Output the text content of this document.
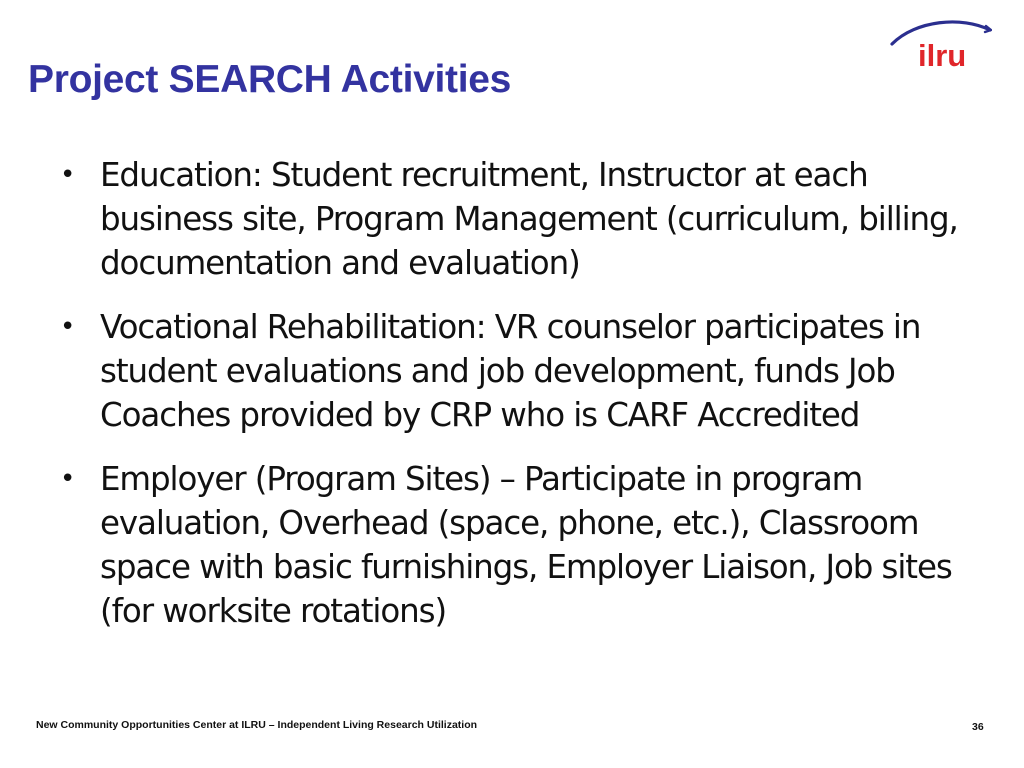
Project SEARCH Activities
ilru
• Education: Student recruitment, Instructor at each business site, Program Management (curriculum, billing, documentation and evaluation)
• Vocational Rehabilitation: VR counselor participates in student evaluations and job development, funds Job Coaches provided by CRP who is CARF Accredited
• Employer (Program Sites) – Participate in program evaluation, Overhead (space, phone, etc.), Classroom space with basic furnishings, Employer Liaison, Job sites (for worksite rotations)
New Community Opportunities Center at ILRU – Independent Living Research Utilization	36
